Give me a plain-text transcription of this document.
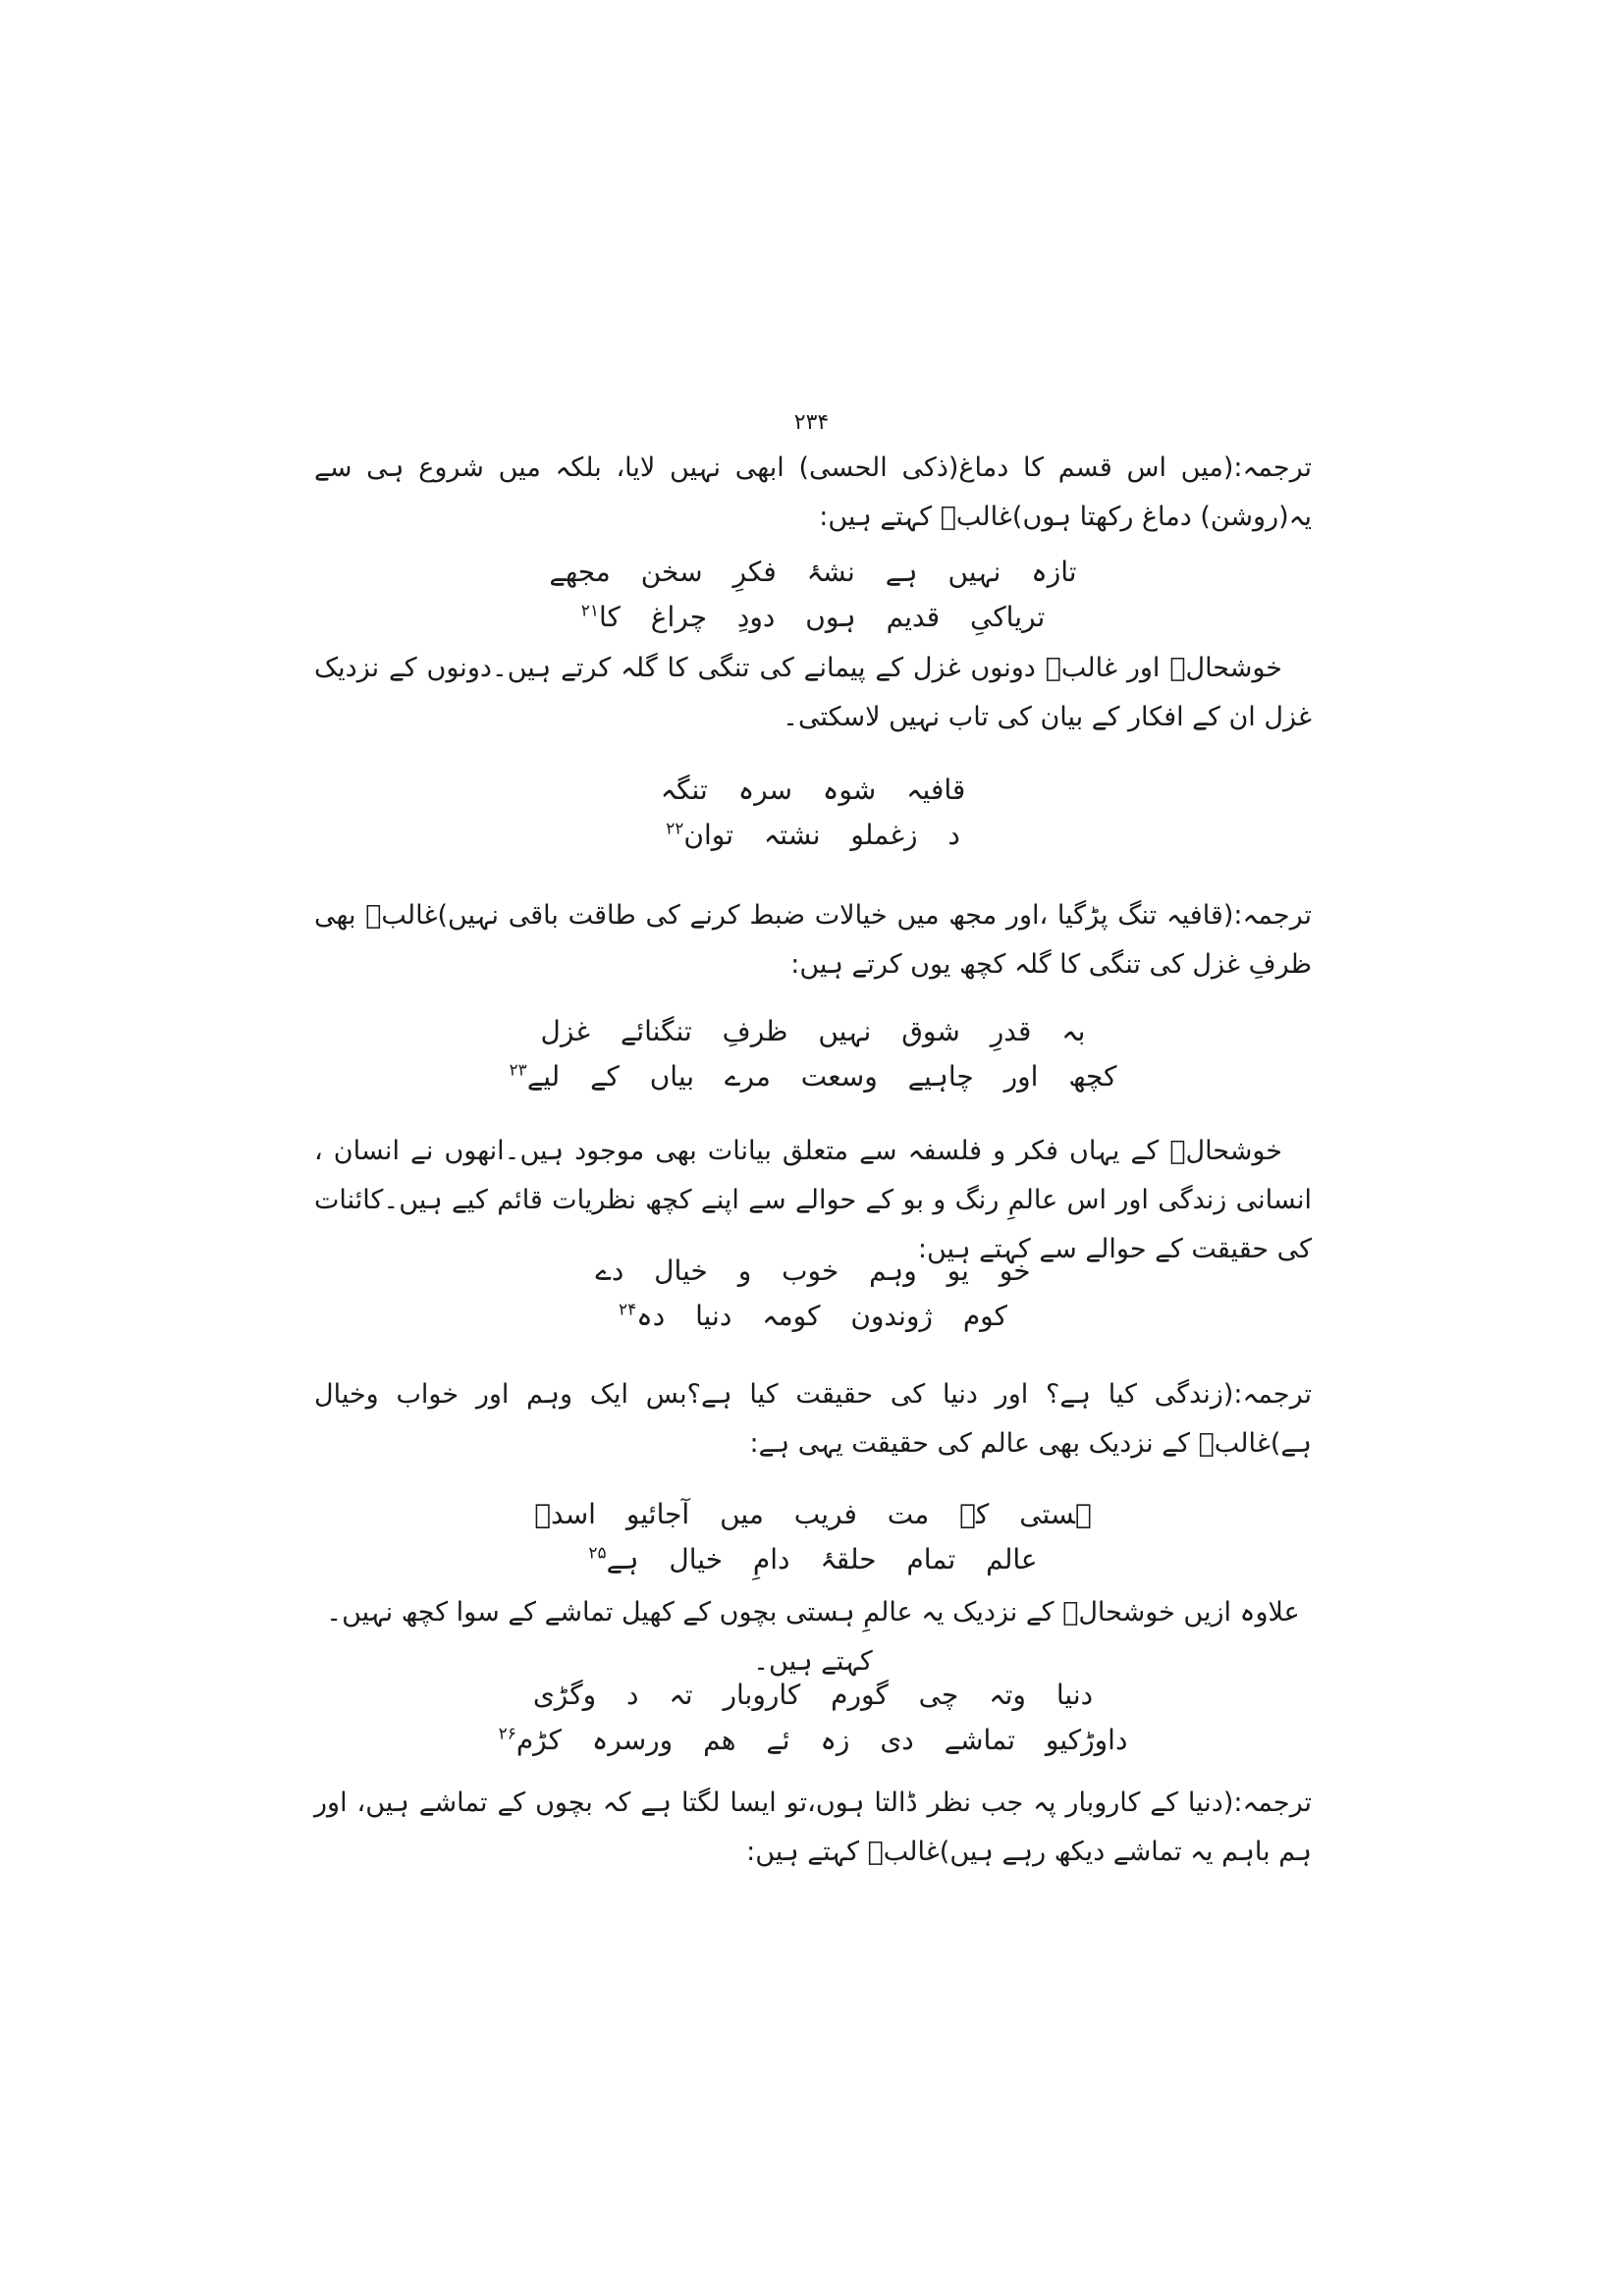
۲۳۴

ترجمہ:(میں اس قسم کا دماغ(ذکی الحسی) ابھی نہیں لایا، بلکہ میں شروع ہی سے یہ(روشن) دماغ رکھتا ہوں)غالبؔ کہتے ہیں:

تازہ نہیں ہے نشۂ فکرِ سخن مجھے
تریاکیِ قدیم ہوں دودِ چراغ کا$^{۲۱}$

خوشحالؔ اور غالبؔ دونوں غزل کے پیمانے کی تنگی کا گلہ کرتے ہیں۔دونوں کے نزدیک غزل ان کے افکار کے بیان کی تاب نہیں لاسکتی۔

قافیہ شوہ سرہ تنگہ
د زغملو نشتہ توان$^{۲۲}$

ترجمہ:(قافیہ تنگ پڑگیا ،اور مجھ میں خیالات ضبط کرنے کی طاقت باقی نہیں)غالبؔ بھی ظرفِ غزل کی تنگی کا گلہ کچھ یوں کرتے ہیں:

بہ قدرِ شوق نہیں ظرفِ تنگنائے غزل
کچھ اور چاہیے وسعت مرے بیاں کے لیے$^{۲۳}$

خوشحالؔ کے یہاں فکر و فلسفہ سے متعلق بیانات بھی موجود ہیں۔انھوں نے انسان ، انسانی زندگی اور اس عالمِ رنگ و بو کے حوالے سے اپنے کچھ نظریات قائم کیے ہیں۔کائنات کی حقیقت کے حوالے سے کہتے ہیں:

خو یو وہم خوب و خیال دے
کوم ژوندون کومہ دنیا دہ$^{۲۴}$

ترجمہ:(زندگی کیا ہے؟ اور دنیا کی حقیقت کیا ہے؟بس ایک وہم اور خواب وخیال ہے)غالبؔ کے نزدیک بھی عالم کی حقیقت یہی ہے:

ہستی کے مت فریب میں آجائیو اسدؔ
عالم تمام حلقۂ دامِ خیال ہے$^{۲۵}$

علاوہ ازیں خوشحالؔ کے نزدیک یہ عالمِ ہستی بچوں کے کھیل تماشے کے سوا کچھ نہیں۔کہتے ہیں۔

دنیا وتہ چی گورم کاروبار تہ د وگڑی
داوڑکیو تماشے دی زہ ئے ھم ورسرہ کڑم$^{۲۶}$

ترجمہ:(دنیا کے کاروبار پہ جب نظر ڈالتا ہوں،تو ایسا لگتا ہے کہ بچوں کے تماشے ہیں، اور ہم باہم یہ تماشے دیکھ رہے ہیں)غالبؔ کہتے ہیں:
